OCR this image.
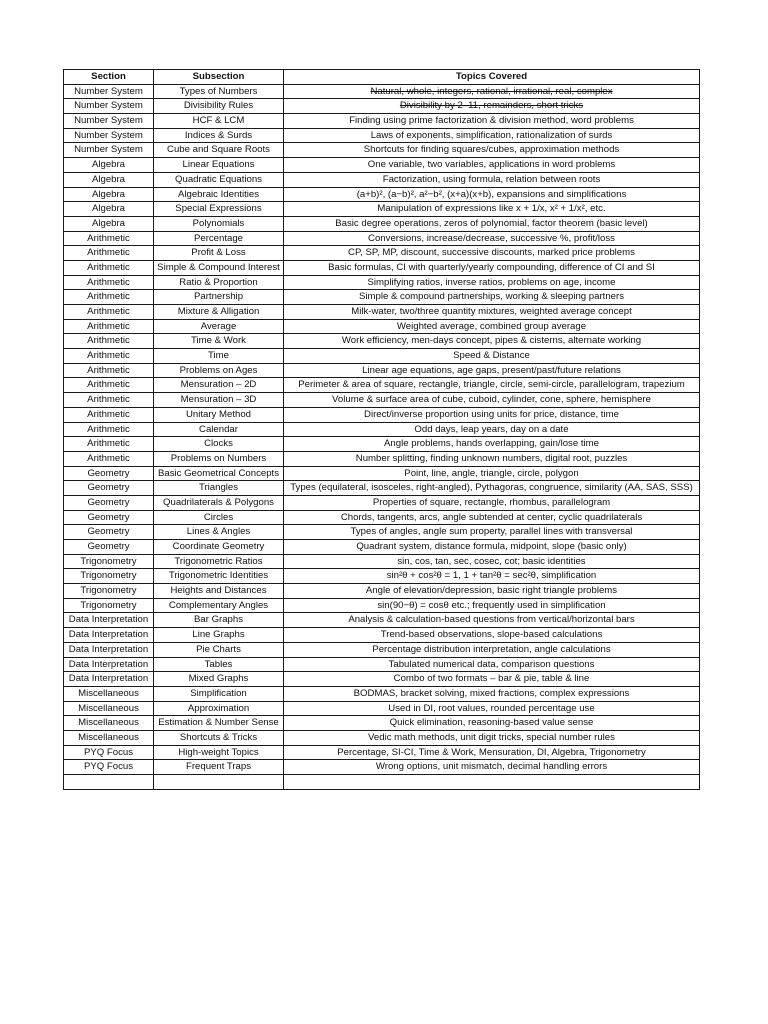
Section	Subsection	Topics Covered
Number System	Types of Numbers	Natural, whole, integers, rational, irrational, real, complex
Number System	Divisibility Rules	Divisibility by 2–11, remainders, short tricks
Number System	HCF & LCM	Finding using prime factorization & division method, word problems
Number System	Indices & Surds	Laws of exponents, simplification, rationalization of surds
Number System	Cube and Square Roots	Shortcuts for finding squares/cubes, approximation methods
Algebra	Linear Equations	One variable, two variables, applications in word problems
Algebra	Quadratic Equations	Factorization, using formula, relation between roots
Algebra	Algebraic Identities	(a+b)², (a−b)², a²−b², (x+a)(x+b), expansions and simplifications
Algebra	Special Expressions	Manipulation of expressions like x + 1/x, x² + 1/x², etc.
Algebra	Polynomials	Basic degree operations, zeros of polynomial, factor theorem (basic level)
Arithmetic	Percentage	Conversions, increase/decrease, successive %, profit/loss
Arithmetic	Profit & Loss	CP, SP, MP, discount, successive discounts, marked price problems
Arithmetic	Simple & Compound Interest	Basic formulas, CI with quarterly/yearly compounding, difference of CI and SI
Arithmetic	Ratio & Proportion	Simplifying ratios, inverse ratios, problems on age, income
Arithmetic	Partnership	Simple & compound partnerships, working & sleeping partners
Arithmetic	Mixture & Alligation	Milk-water, two/three quantity mixtures, weighted average concept
Arithmetic	Average	Weighted average, combined group average
Arithmetic	Time & Work	Work efficiency, men-days concept, pipes & cisterns, alternate working
Arithmetic	Time	Speed & Distance
Arithmetic	Problems on Ages	Linear age equations, age gaps, present/past/future relations
Arithmetic	Mensuration – 2D	Perimeter & area of square, rectangle, triangle, circle, semi-circle, parallelogram, trapezium
Arithmetic	Mensuration – 3D	Volume & surface area of cube, cuboid, cylinder, cone, sphere, hemisphere
Arithmetic	Unitary Method	Direct/inverse proportion using units for price, distance, time
Arithmetic	Calendar	Odd days, leap years, day on a date
Arithmetic	Clocks	Angle problems, hands overlapping, gain/lose time
Arithmetic	Problems on Numbers	Number splitting, finding unknown numbers, digital root, puzzles
Geometry	Basic Geometrical Concepts	Point, line, angle, triangle, circle, polygon
Geometry	Triangles	Types (equilateral, isosceles, right-angled), Pythagoras, congruence, similarity (AA, SAS, SSS)
Geometry	Quadrilaterals & Polygons	Properties of square, rectangle, rhombus, parallelogram
Geometry	Circles	Chords, tangents, arcs, angle subtended at center, cyclic quadrilaterals
Geometry	Lines & Angles	Types of angles, angle sum property, parallel lines with transversal
Geometry	Coordinate Geometry	Quadrant system, distance formula, midpoint, slope (basic only)
Trigonometry	Trigonometric Ratios	sin, cos, tan, sec, cosec, cot; basic identities
Trigonometry	Trigonometric Identities	sin²θ + cos²θ = 1, 1 + tan²θ = sec²θ, simplification
Trigonometry	Heights and Distances	Angle of elevation/depression, basic right triangle problems
Trigonometry	Complementary Angles	sin(90−θ) = cosθ etc.; frequently used in simplification
Data Interpretation	Bar Graphs	Analysis & calculation-based questions from vertical/horizontal bars
Data Interpretation	Line Graphs	Trend-based observations, slope-based calculations
Data Interpretation	Pie Charts	Percentage distribution interpretation, angle calculations
Data Interpretation	Tables	Tabulated numerical data, comparison questions
Data Interpretation	Mixed Graphs	Combo of two formats – bar & pie, table & line
Miscellaneous	Simplification	BODMAS, bracket solving, mixed fractions, complex expressions
Miscellaneous	Approximation	Used in DI, root values, rounded percentage use
Miscellaneous	Estimation & Number Sense	Quick elimination, reasoning-based value sense
Miscellaneous	Shortcuts & Tricks	Vedic math methods, unit digit tricks, special number rules
PYQ Focus	High-weight Topics	Percentage, SI-CI, Time & Work, Mensuration, DI, Algebra, Trigonometry
PYQ Focus	Frequent Traps	Wrong options, unit mismatch, decimal handling errors
